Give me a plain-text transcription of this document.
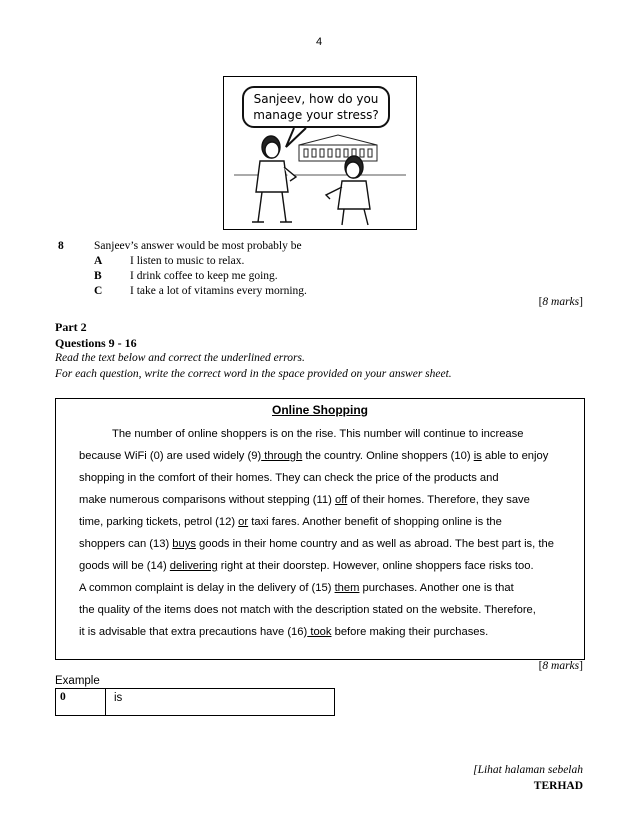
4
Sanjeev, how do you
manage your stress?
8	Sanjeev’s answer would be most probably be
A I listen to music to relax.
B I drink coffee to keep me going.
C I take a lot of vitamins every morning.
[8 marks]
Part 2
Questions 9 - 16
Read the text below and correct the underlined errors.
For each question, write the correct word in the space provided on your answer sheet.
Online Shopping
The number of online shoppers is on the rise. This number will continue to increase
because WiFi (0) are used widely (9) through the country. Online shoppers (10) is able to enjoy
shopping in the comfort of their homes. They can check the price of the products and
make numerous comparisons without stepping (11) off of their homes. Therefore, they save
time, parking tickets, petrol (12) or taxi fares. Another benefit of shopping online is the
shoppers can (13) buys goods in their home country and as well as abroad. The best part is, the
goods will be (14) delivering right at their doorstep. However, online shoppers face risks too.
A common complaint is delay in the delivery of (15) them purchases. Another one is that
the quality of the items does not match with the description stated on the website. Therefore,
it is advisable that extra precautions have (16) took before making their purchases.
[8 marks]
Example
0	is
[Lihat halaman sebelah
TERHAD
